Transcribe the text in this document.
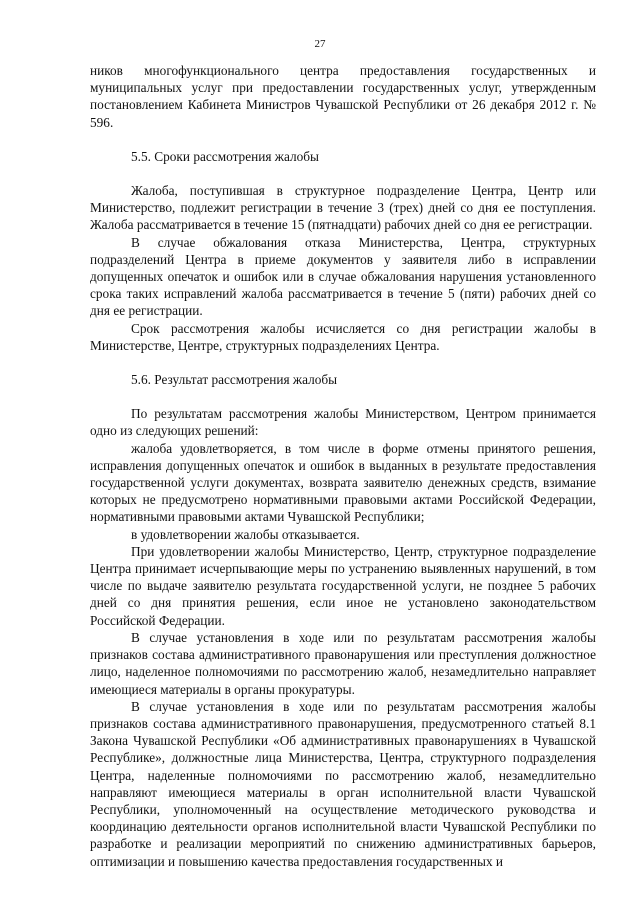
27

ников многофункционального центра предоставления государственных и муниципальных услуг при предоставлении государственных услуг, утвержденным постановлением Кабинета Министров Чувашской Республики от 26 декабря 2012 г. № 596.

5.5. Сроки рассмотрения жалобы

Жалоба, поступившая в структурное подразделение Центра, Центр или Министерство, подлежит регистрации в течение 3 (трех) дней со дня ее поступления. Жалоба рассматривается в течение 15 (пятнадцати) рабочих дней со дня ее регистрации.

В случае обжалования отказа Министерства, Центра, структурных подразделений Центра в приеме документов у заявителя либо в исправлении допущенных опечаток и ошибок или в случае обжалования нарушения установленного срока таких исправлений жалоба рассматривается в течение 5 (пяти) рабочих дней со дня ее регистрации.

Срок рассмотрения жалобы исчисляется со дня регистрации жалобы в Министерстве, Центре, структурных подразделениях Центра.

5.6. Результат рассмотрения жалобы

По результатам рассмотрения жалобы Министерством, Центром принимается одно из следующих решений:

жалоба удовлетворяется, в том числе в форме отмены принятого решения, исправления допущенных опечаток и ошибок в выданных в результате предоставления государственной услуги документах, возврата заявителю денежных средств, взимание которых не предусмотрено нормативными правовыми актами Российской Федерации, нормативными правовыми актами Чувашской Республики;

в удовлетворении жалобы отказывается.

При удовлетворении жалобы Министерство, Центр, структурное подразделение Центра принимает исчерпывающие меры по устранению выявленных нарушений, в том числе по выдаче заявителю результата государственной услуги, не позднее 5 рабочих дней со дня принятия решения, если иное не установлено законодательством Российской Федерации.

В случае установления в ходе или по результатам рассмотрения жалобы признаков состава административного правонарушения или преступления должностное лицо, наделенное полномочиями по рассмотрению жалоб, незамедлительно направляет имеющиеся материалы в органы прокуратуры.

В случае установления в ходе или по результатам рассмотрения жалобы признаков состава административного правонарушения, предусмотренного статьей 8.1 Закона Чувашской Республики «Об административных правонарушениях в Чувашской Республике», должностные лица Министерства, Центра, структурного подразделения Центра, наделенные полномочиями по рассмотрению жалоб, незамедлительно направляют имеющиеся материалы в орган исполнительной власти Чувашской Республики, уполномоченный на осуществление методического руководства и координацию деятельности органов исполнительной власти Чувашской Республики по разработке и реализации мероприятий по снижению административных барьеров, оптимизации и повышению качества предоставления государственных и
